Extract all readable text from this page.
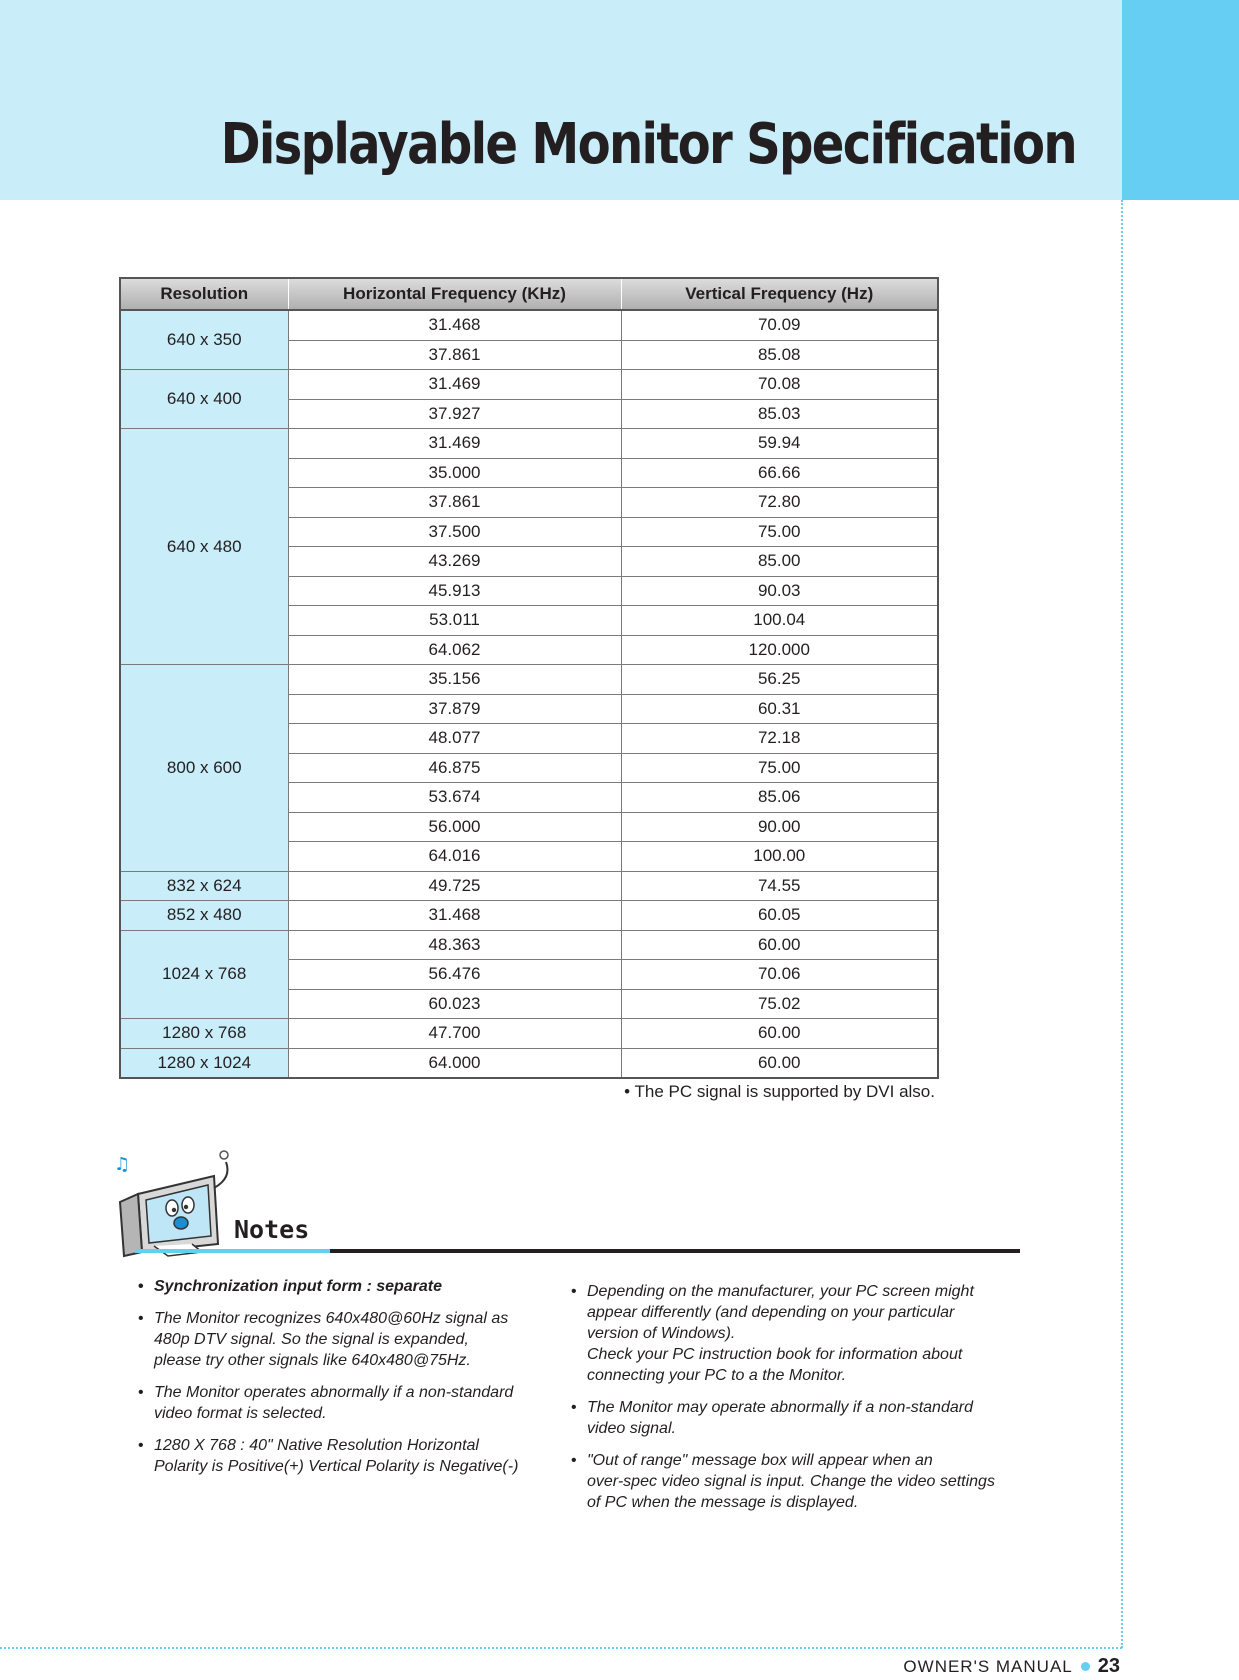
Displayable Monitor Specification
Resolution	Horizontal Frequency (KHz)	Vertical Frequency (Hz)
640 x 350	31.468	70.09
	37.861	85.08
640 x 400	31.469	70.08
	37.927	85.03
640 x 480	31.469	59.94
	35.000	66.66
	37.861	72.80
	37.500	75.00
	43.269	85.00
	45.913	90.03
	53.011	100.04
	64.062	120.000
800 x 600	35.156	56.25
	37.879	60.31
	48.077	72.18
	46.875	75.00
	53.674	85.06
	56.000	90.00
	64.016	100.00
832 x 624	49.725	74.55
852 x 480	31.468	60.05
1024 x 768	48.363	60.00
	56.476	70.06
	60.023	75.02
1280 x 768	47.700	60.00
1280 x 1024	64.000	60.00

• The PC signal is supported by DVI also.

♫
Notes
• Synchronization input form : separate
• The Monitor recognizes 640x480@60Hz signal as
480p DTV signal. So the signal is expanded,
please try other signals like 640x480@75Hz.
• The Monitor operates abnormally if a non-standard
video format is selected.
• 1280 X 768 : 40" Native Resolution Horizontal
Polarity is Positive(+) Vertical Polarity is Negative(-)
• Depending on the manufacturer, your PC screen might
appear differently (and depending on your particular
version of Windows).
Check your PC instruction book for information about
connecting your PC to a the Monitor.
• The Monitor may operate abnormally if a non-standard
video signal.
• "Out of range" message box will appear when an
over-spec video signal is input. Change the video settings
of PC when the message is displayed.
OWNER'S MANUAL 23
